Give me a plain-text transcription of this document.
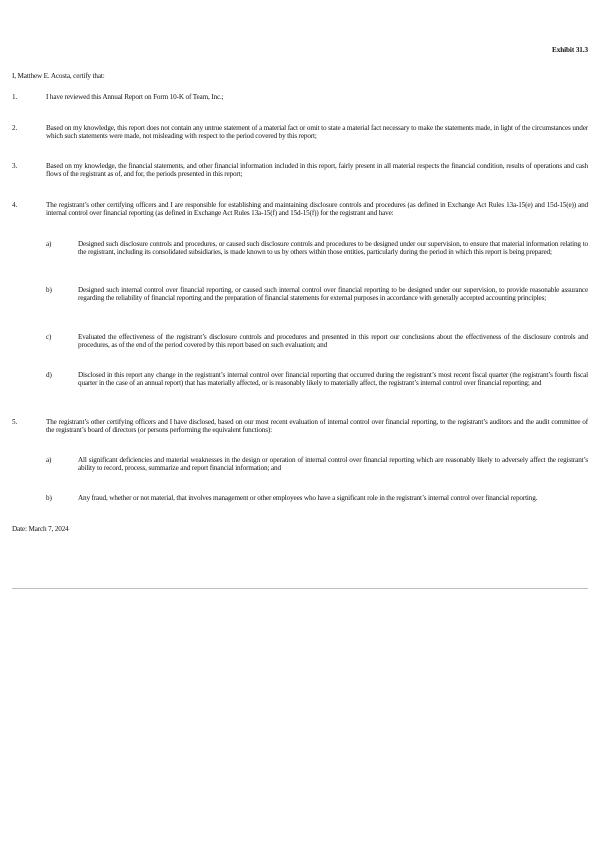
Exhibit 31.3
I, Matthew E. Acosta, certify that:
1.	I have reviewed this Annual Report on Form 10-K of Team, Inc.;
2.	Based on my knowledge, this report does not contain any untrue statement of a material fact or omit to state a material fact necessary to make the statements made, in light of the circumstances under which such statements were made, not misleading with respect to the period covered by this report;
3.	Based on my knowledge, the financial statements, and other financial information included in this report, fairly present in all material respects the financial condition, results of operations and cash flows of the registrant as of, and for, the periods presented in this report;
4.	The registrant’s other certifying officers and I are responsible for establishing and maintaining disclosure controls and procedures (as defined in Exchange Act Rules 13a-15(e) and 15d-15(e)) and internal control over financial reporting (as defined in Exchange Act Rules 13a-15(f) and 15d-15(f)) for the registrant and have:
a)	Designed such disclosure controls and procedures, or caused such disclosure controls and procedures to be designed under our supervision, to ensure that material information relating to the registrant, including its consolidated subsidiaries, is made known to us by others within those entities, particularly during the period in which this report is being prepared;
b)	Designed such internal control over financial reporting, or caused such internal control over financial reporting to be designed under our supervision, to provide reasonable assurance regarding the reliability of financial reporting and the preparation of financial statements for external purposes in accordance with generally accepted accounting principles;
c)	Evaluated the effectiveness of the registrant’s disclosure controls and procedures and presented in this report our conclusions about the effectiveness of the disclosure controls and procedures, as of the end of the period covered by this report based on such evaluation; and
d)	Disclosed in this report any change in the registrant’s internal control over financial reporting that occurred during the registrant’s most recent fiscal quarter (the registrant’s fourth fiscal quarter in the case of an annual report) that has materially affected, or is reasonably likely to materially affect, the registrant’s internal control over financial reporting; and
5.	The registrant’s other certifying officers and I have disclosed, based on our most recent evaluation of internal control over financial reporting, to the registrant’s auditors and the audit committee of the registrant’s board of directors (or persons performing the equivalent functions):
a)	All significant deficiencies and material weaknesses in the design or operation of internal control over financial reporting which are reasonably likely to adversely affect the registrant’s ability to record, process, summarize and report financial information; and
b)	Any fraud, whether or not material, that involves management or other employees who have a significant role in the registrant’s internal control over financial reporting.
Date: March 7, 2024
